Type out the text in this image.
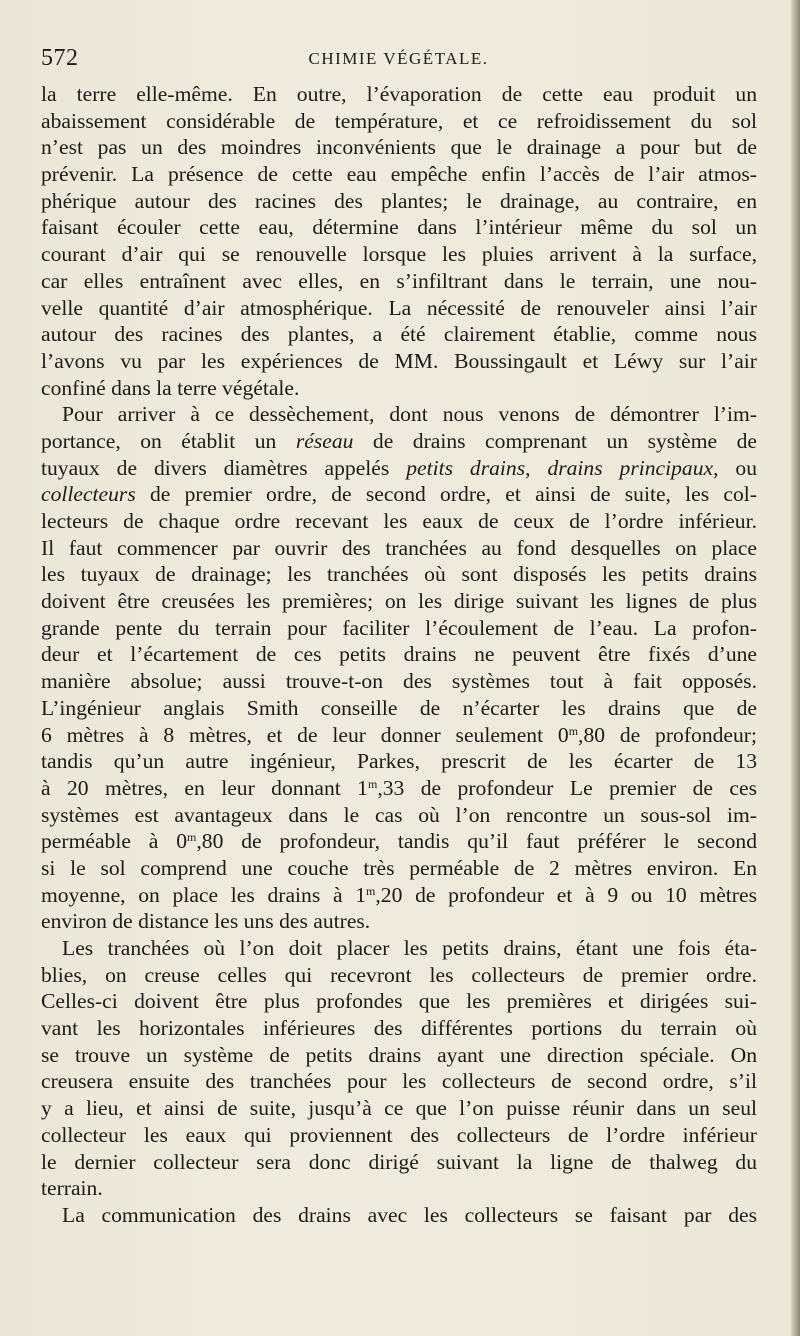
572	CHIMIE VÉGÉTALE.
la terre elle-même. En outre, l’évaporation de cette eau produit un
abaissement considérable de température, et ce refroidissement du sol
n’est pas un des moindres inconvénients que le drainage a pour but de
prévenir. La présence de cette eau empêche enfin l’accès de l’air atmos-
phérique autour des racines des plantes; le drainage, au contraire, en
faisant écouler cette eau, détermine dans l’intérieur même du sol un
courant d’air qui se renouvelle lorsque les pluies arrivent à la surface,
car elles entraînent avec elles, en s’infiltrant dans le terrain, une nou-
velle quantité d’air atmosphérique. La nécessité de renouveler ainsi l’air
autour des racines des plantes, a été clairement établie, comme nous
l’avons vu par les expériences de MM. Boussingault et Léwy sur l’air
confiné dans la terre végétale.
Pour arriver à ce dessèchement, dont nous venons de démontrer l’im-
portance, on établit un réseau de drains comprenant un système de
tuyaux de divers diamètres appelés petits drains, drains principaux, ou
collecteurs de premier ordre, de second ordre, et ainsi de suite, les col-
lecteurs de chaque ordre recevant les eaux de ceux de l’ordre inférieur.
Il faut commencer par ouvrir des tranchées au fond desquelles on place
les tuyaux de drainage; les tranchées où sont disposés les petits drains
doivent être creusées les premières; on les dirige suivant les lignes de plus
grande pente du terrain pour faciliter l’écoulement de l’eau. La profon-
deur et l’écartement de ces petits drains ne peuvent être fixés d’une
manière absolue; aussi trouve-t-on des systèmes tout à fait opposés.
L’ingénieur anglais Smith conseille de n’écarter les drains que de
6 mètres à 8 mètres, et de leur donner seulement 0$^m$,80 de profondeur;
tandis qu’un autre ingénieur, Parkes, prescrit de les écarter de 13
à 20 mètres, en leur donnant 1$^m$,33 de profondeur Le premier de ces
systèmes est avantageux dans le cas où l’on rencontre un sous-sol im-
perméable à 0$^m$,80 de profondeur, tandis qu’il faut préférer le second
si le sol comprend une couche très perméable de 2 mètres environ. En
moyenne, on place les drains à 1$^m$,20 de profondeur et à 9 ou 10 mètres
environ de distance les uns des autres.
Les tranchées où l’on doit placer les petits drains, étant une fois éta-
blies, on creuse celles qui recevront les collecteurs de premier ordre.
Celles-ci doivent être plus profondes que les premières et dirigées sui-
vant les horizontales inférieures des différentes portions du terrain où
se trouve un système de petits drains ayant une direction spéciale. On
creusera ensuite des tranchées pour les collecteurs de second ordre, s’il
y a lieu, et ainsi de suite, jusqu’à ce que l’on puisse réunir dans un seul
collecteur les eaux qui proviennent des collecteurs de l’ordre inférieur
le dernier collecteur sera donc dirigé suivant la ligne de thalweg du
terrain.
La communication des drains avec les collecteurs se faisant par des
